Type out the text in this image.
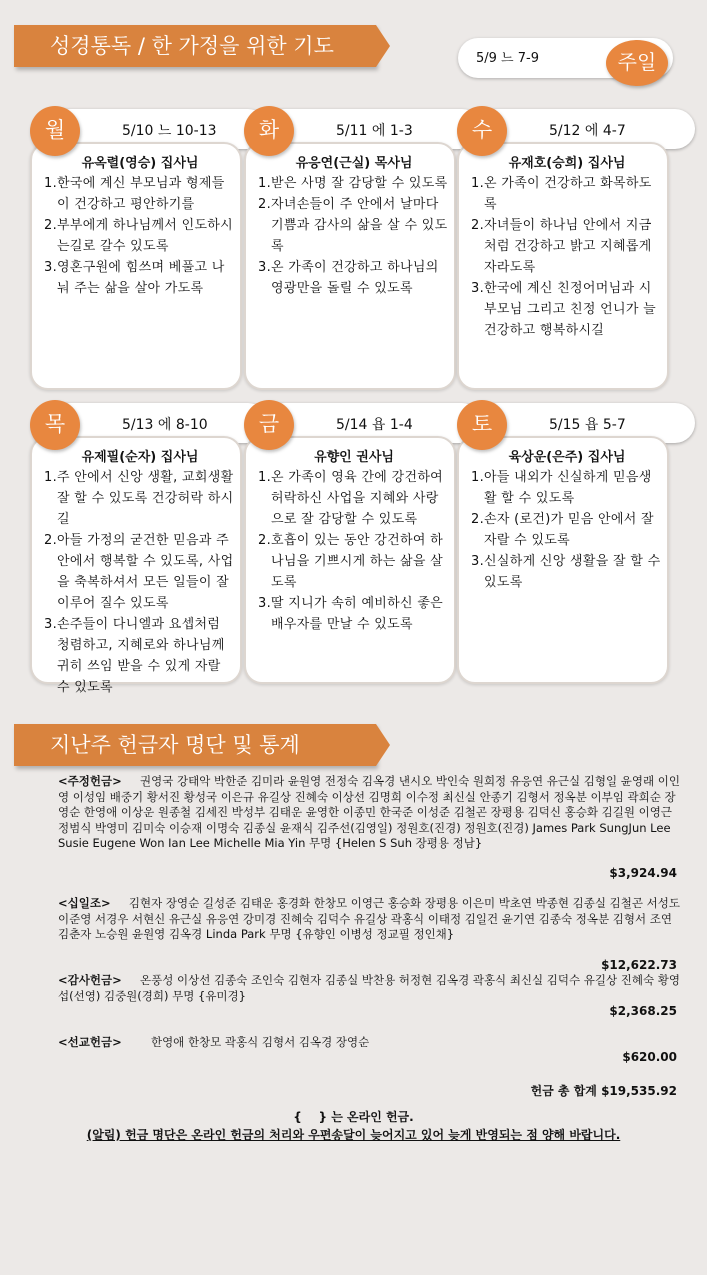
성경통독 / 한 가정을 위한 기도
5/9 느 7-9	주일
5/10 느 10-13
유옥렬(영승) 집사님
1.한국에 계신 부모님과 형제들이 건강하고 평안하기를
2.부부에게 하나님께서 인도하시는길로 갈수 있도록
3.영혼구원에 힘쓰며 베풀고 나눠 주는 삶을 살아 가도록
월	5/11 에 1-3
유응연(근실) 목사님
1.받은 사명 잘 감당할 수 있도록
2.자녀손들이 주 안에서 날마다 기쁨과 감사의 삶을 살 수 있도록
3.온 가족이 건강하고 하나님의 영광만을 돌릴 수 있도록
화	5/12 에 4-7
유재호(승희) 집사님
1.온 가족이 건강하고 화목하도록
2.자녀들이 하나님 안에서 지금처럼 건강하고 밝고 지혜롭게 자라도록
3.한국에 계신 친정어머님과 시부모님 그리고 친정 언니가 늘 건강하고 행복하시길
수
5/13 에 8-10
유제필(순자) 집사님
1.주 안에서 신앙 생활, 교회생활 잘 할 수 있도록 건강허락 하시 길
2.아들 가정의 굳건한 믿음과 주 안에서 행복할 수 있도록, 사업을 축복하셔서 모든 일들이 잘 이루어 질수 있도록
3.손주들이 다니엘과 요셉처럼 청렴하고, 지혜로와 하나님께 귀히 쓰임 받을 수 있게 자랄 수 있도록
목	5/14 욥 1-4
유향인 권사님
1.온 가족이 영육 간에 강건하여 허락하신 사업을 지혜와 사랑으로 잘 감당할 수 있도록
2.호흡이 있는 동안 강건하여 하나님을 기쁘시게 하는 삶을 살도록
3.딸 지니가 속히 예비하신 좋은 배우자를 만날 수 있도록
금	5/15 욥 5-7
육상운(은주) 집사님
1.아들 내외가 신실하게 믿음생활 할 수 있도록
2.손자 (로건)가 믿음 안에서 잘 자랄 수 있도록
3.신실하게 신앙 생활을 잘 할 수 있도록
토
지난주 헌금자 명단 및 통계
<주정헌금> 권영국 강태악 박한준 김미라 윤원영 전정숙 김옥경 낸시오 박인숙 원희정 유응연 유근실 김형일 윤영래 이인영 이성임 배중기 황서진 황성국 이은규 유길상 진혜숙 이상선 김명희 이수정 최신실 안종기 김형서 정옥분 이부임 곽희순 장영순 한영애 이상운 원종철 김세진 박성부 김태운 윤영한 이종민 한국준 이성준 김철곤 장평용 김덕신 홍승화 김길원 이영근 정범식 박영미 김미숙 이승재 이명숙 김종실 윤재식 김주선(김영일) 정원호(진경) 정원호(진경) James Park SungJun Lee Susie Eugene Won Ian Lee Michelle Mia Yin 무명 {Helen S Suh 장평용 정남}
$3,924.94
<십일조> 김현자 장영순 길성준 김태운 홍경화 한창모 이영근 홍승화 장평용 이은미 박초연 박종현 김종실 김철곤 서성도 이준영 서경우 서현신 유근실 유응연 강미경 진혜숙 김덕수 유길상 곽홍식 이태정 김일건 윤기연 김종숙 정옥분 김형서 조연 김춘자 노승원 윤원영 김옥경 Linda Park 무명 {유향인 이병성 정교필 정인채}
$12,622.73
<감사헌금> 온풍성 이상선 김종숙 조인숙 김현자 김종실 박찬용 허정현 김옥경 곽홍식 최신실 김덕수 유길상 진혜숙 황영섭(선영) 김중원(경희) 무명 {유미경}
$2,368.25
<선교헌금>	한영애 한창모 곽홍식 김형서 김옥경 장영순
$620.00
헌금 총 합계 $19,535.92
{    } 는 온라인 헌금.
(알림) 헌금 명단은 온라인 헌금의 처리와 우편송달이 늦어지고 있어 늦게 반영되는 점 양해 바랍니다.
